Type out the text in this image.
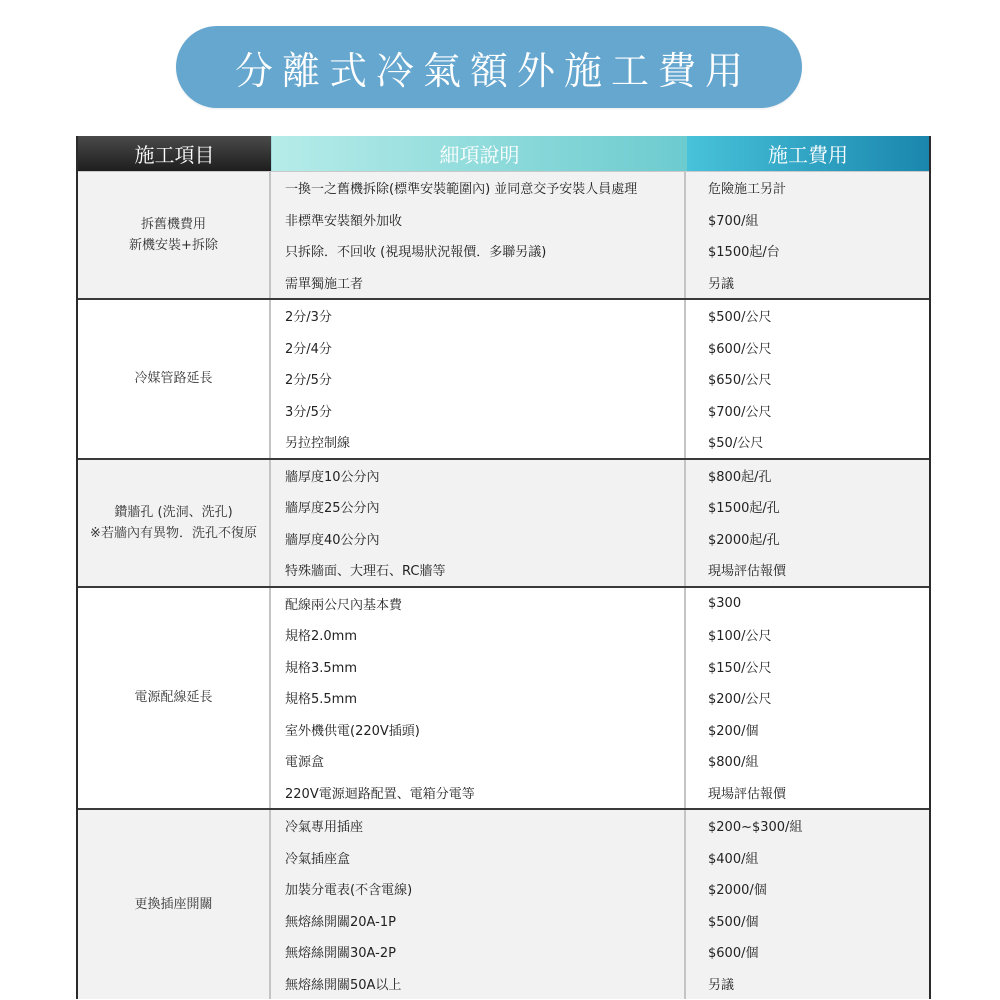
分離式冷氣額外施工費用
施工項目	細項說明	施工費用
拆舊機費用
新機安裝+拆除
一換一之舊機拆除(標準安裝範圍內) 並同意交予安裝人員處理
非標準安裝額外加收
只拆除．不回收 (視現場狀況報價．多聯另議)
需單獨施工者
危險施工另計
$700/組
$1500起/台
另議
冷媒管路延長
2分/3分
2分/4分
2分/5分
3分/5分
另拉控制線
$500/公尺
$600/公尺
$650/公尺
$700/公尺
$50/公尺
鑽牆孔 (洗洞、洗孔)
※若牆內有異物．洗孔不復原
牆厚度10公分內
牆厚度25公分內
牆厚度40公分內
特殊牆面、大理石、RC牆等
$800起/孔
$1500起/孔
$2000起/孔
現場評估報價
電源配線延長
配線兩公尺內基本費
規格2.0mm
規格3.5mm
規格5.5mm
室外機供電(220V插頭)
電源盒
220V電源迴路配置、電箱分電等
$300
$100/公尺
$150/公尺
$200/公尺
$200/個
$800/組
現場評估報價
更換插座開關
冷氣專用插座
冷氣插座盒
加裝分電表(不含電線)
無熔絲開關20A-1P
無熔絲開關30A-2P
無熔絲開關50A以上
$200~$300/組
$400/組
$2000/個
$500/個
$600/個
另議
